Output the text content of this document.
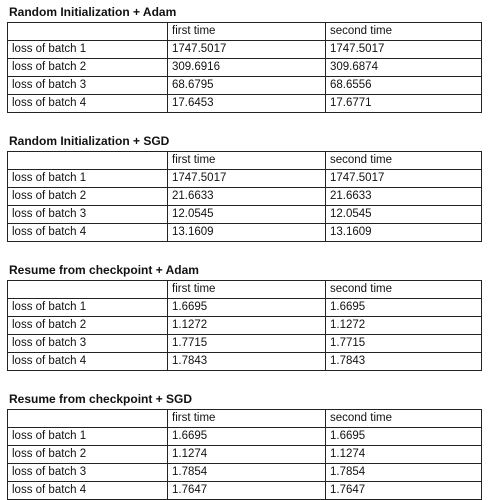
Random Initialization + Adam
	first time	second time
loss of batch 1	1747.5017	1747.5017
loss of batch 2	309.6916	309.6874
loss of batch 3	68.6795	68.6556
loss of batch 4	17.6453	17.6771
Random Initialization + SGD
	first time	second time
loss of batch 1	1747.5017	1747.5017
loss of batch 2	21.6633	21.6633
loss of batch 3	12.0545	12.0545
loss of batch 4	13.1609	13.1609
Resume from checkpoint + Adam
	first time	second time
loss of batch 1	1.6695	1.6695
loss of batch 2	1.1272	1.1272
loss of batch 3	1.7715	1.7715
loss of batch 4	1.7843	1.7843
Resume from checkpoint + SGD
	first time	second time
loss of batch 1	1.6695	1.6695
loss of batch 2	1.1274	1.1274
loss of batch 3	1.7854	1.7854
loss of batch 4	1.7647	1.7647
